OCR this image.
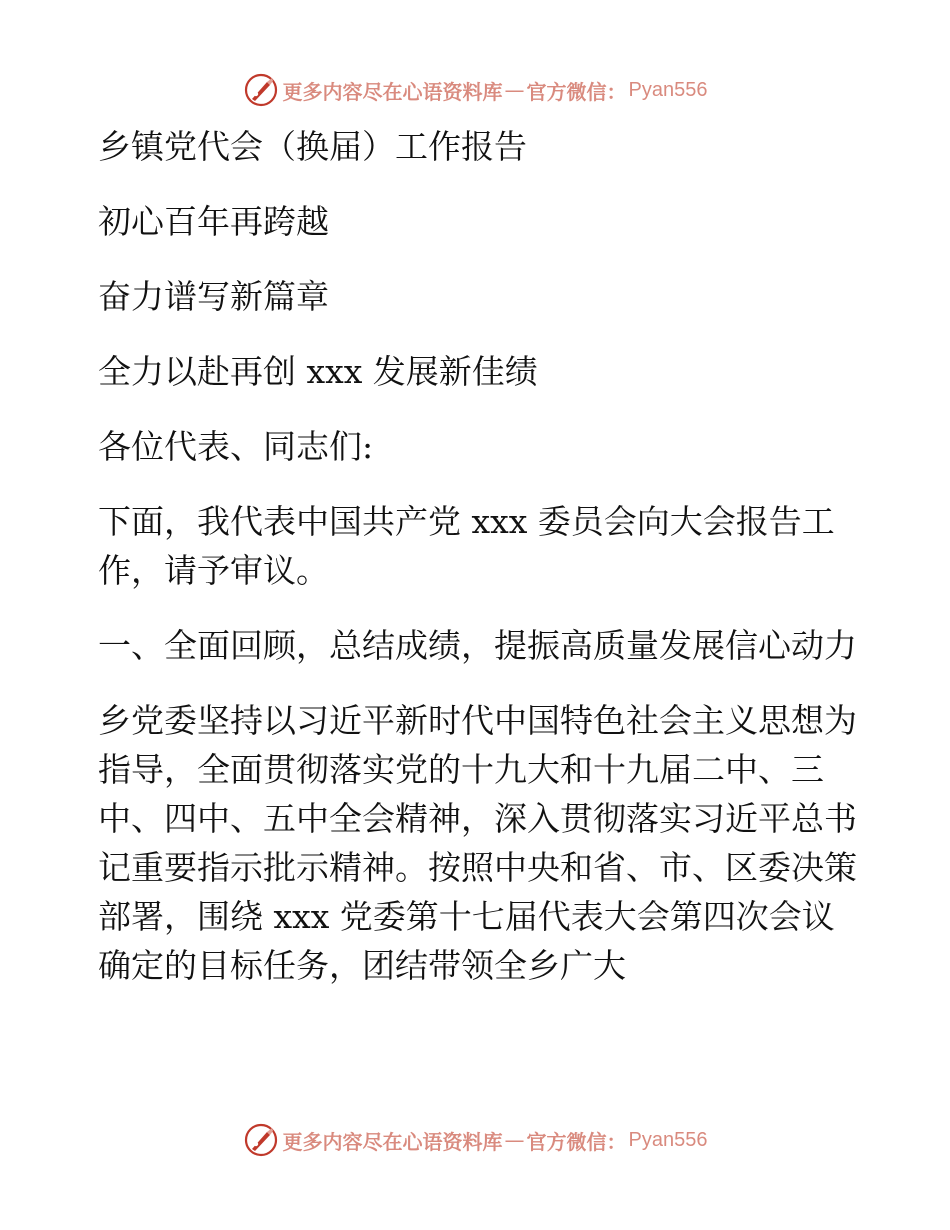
更多内容尽在心语资料库 — 官方微信： Pyan556

乡镇党代会（换届）工作报告

初心百年再跨越

奋力谱写新篇章

全力以赴再创 xxx 发展新佳绩

各位代表、同志们:

下面，我代表中国共产党 xxx 委员会向大会报告工作，请予审议。

一、全面回顾，总结成绩，提振高质量发展信心动力

乡党委坚持以习近平新时代中国特色社会主义思想为指导，全面贯彻落实党的十九大和十九届二中、三中、四中、五中全会精神，深入贯彻落实习近平总书记重要指示批示精神。按照中央和省、市、区委决策部署，围绕 xxx 党委第十七届代表大会第四次会议确定的目标任务，团结带领全乡广大

更多内容尽在心语资料库 — 官方微信： Pyan556
